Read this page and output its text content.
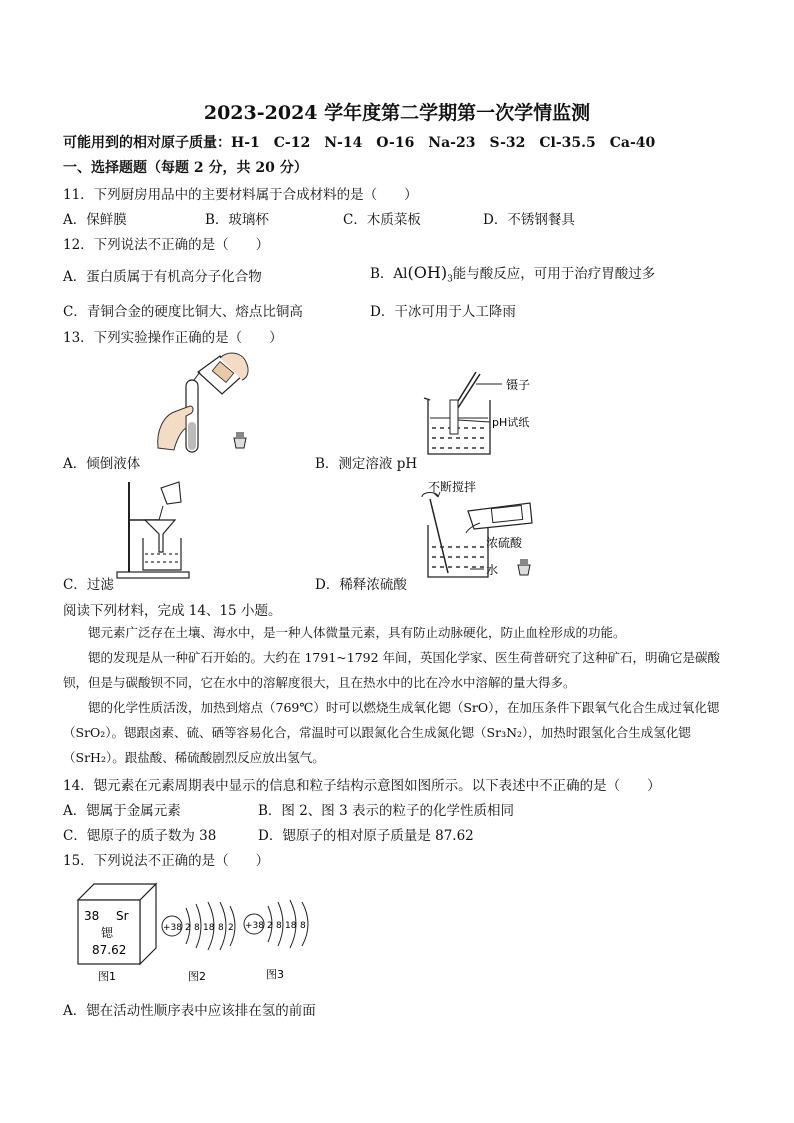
2023-2024 学年度第二学期第一次学情监测
可能用到的相对原子质量：H-1　C-12　N-14　O-16　Na-23　S-32　Cl-35.5　Ca-40
一、选择题题（每题 2 分，共 20 分）
11．下列厨房用品中的主要材料属于合成材料的是（　　）
A．保鲜膜	B．玻璃杯	C．木质菜板	D．不锈钢餐具
12．下列说法不正确的是（　　）
A．蛋白质属于有机高分子化合物	B．$Al(OH)_3$能与酸反应，可用于治疗胃酸过多
C．青铜合金的硬度比铜大、熔点比铜高	D．干冰可用于人工降雨
13．下列实验操作正确的是（　　）
A．倾倒液体
镊子
pH试纸
B．测定溶液 pH
C．过滤
不断搅拌
浓硫酸
水
D．稀释浓硫酸
阅读下列材料，完成 14、15 小题。
锶元素广泛存在土壤、海水中，是一种人体微量元素，具有防止动脉硬化，防止血栓形成的功能。
锶的发现是从一种矿石开始的。大约在 1791~1792 年间，英国化学家、医生荷普研究了这种矿石，明确它是碳酸钡，但是与碳酸钡不同，它在水中的溶解度很大，且在热水中的比在冷水中溶解的量大得多。
锶的化学性质活泼，加热到熔点（769℃）时可以燃烧生成氧化锶（SrO），在加压条件下跟氧气化合生成过氧化锶（SrO₂）。锶跟卤素、硫、硒等容易化合，常温时可以跟氮化合生成氮化锶（Sr₃N₂），加热时跟氢化合生成氢化锶（SrH₂）。跟盐酸、稀硫酸剧烈反应放出氢气。
14．锶元素在元素周期表中显示的信息和粒子结构示意图如图所示。以下表述中不正确的是（　　）
A．锶属于金属元素	B．图 2、图 3 表示的粒子的化学性质相同
C．锶原子的质子数为 38	D．锶原子的相对原子质量是 87.62
15．下列说法不正确的是（　　）
38 Sr
锶
87.62
图1
+38 2 8 18 8 2
图2
+38 2 8 18 8
图3
A．锶在活动性顺序表中应该排在氢的前面
